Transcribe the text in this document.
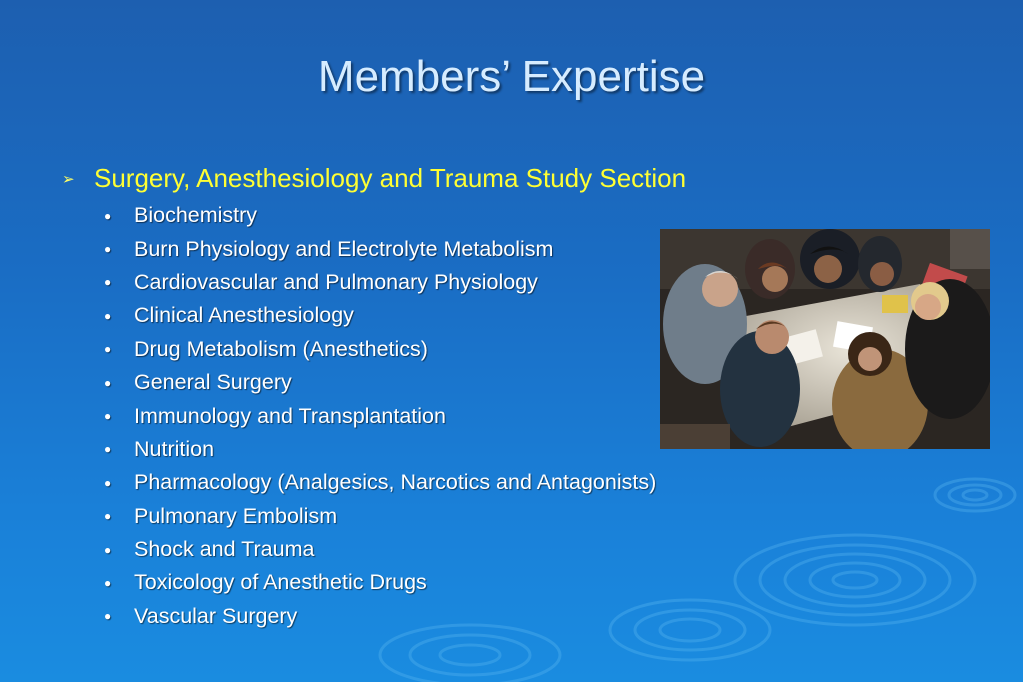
Members’ Expertise
➢ Surgery, Anesthesiology and Trauma Study Section
●	Biochemistry
●	Burn Physiology and Electrolyte Metabolism
●	Cardiovascular and Pulmonary Physiology
●	Clinical Anesthesiology
●	Drug Metabolism (Anesthetics)
●	General Surgery
●	Immunology and Transplantation
●	Nutrition
●	Pharmacology (Analgesics, Narcotics and Antagonists)
●	Pulmonary Embolism
●	Shock and Trauma
●	Toxicology of Anesthetic Drugs
●	Vascular Surgery
